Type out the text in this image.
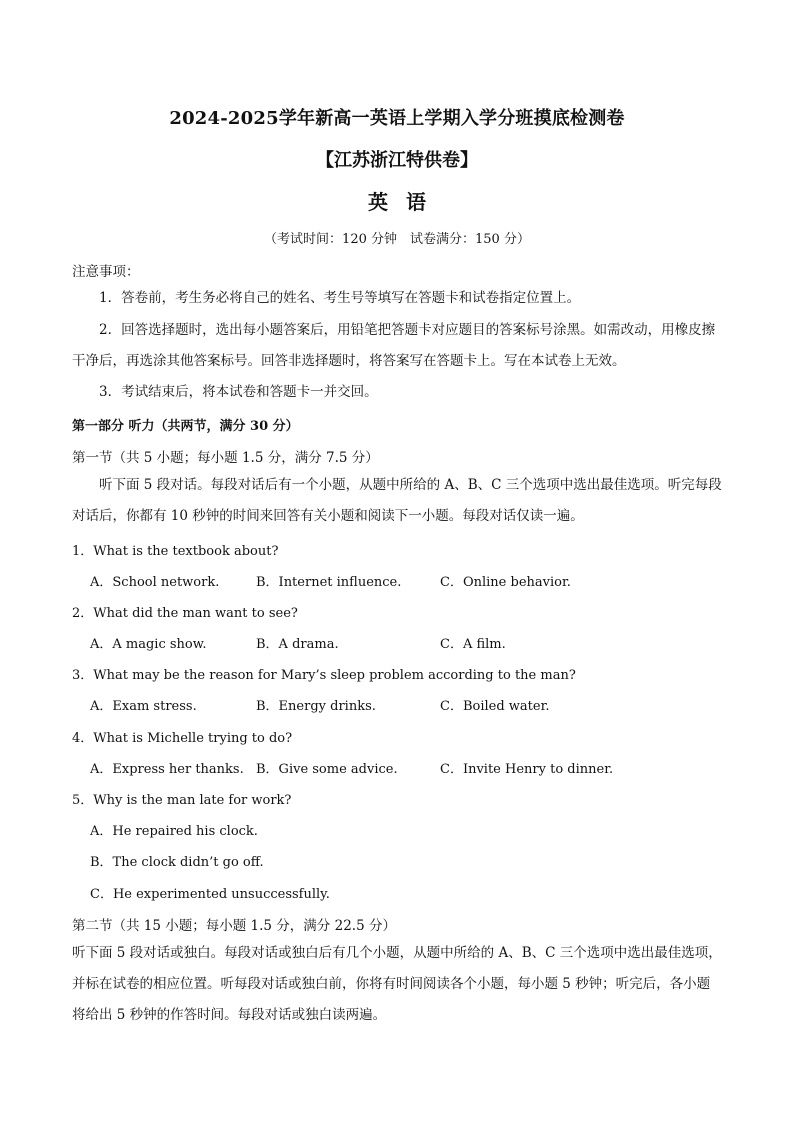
2024-2025学年新高一英语上学期入学分班摸底检测卷
【江苏浙江特供卷】
英语
（考试时间：120 分钟　试卷满分：150 分）
注意事项：
1．答卷前，考生务必将自己的姓名、考生号等填写在答题卡和试卷指定位置上。
2．回答选择题时，选出每小题答案后，用铅笔把答题卡对应题目的答案标号涂黑。如需改动，用橡皮擦干净后，再选涂其他答案标号。回答非选择题时，将答案写在答题卡上。写在本试卷上无效。
3．考试结束后，将本试卷和答题卡一并交回。
第一部分 听力（共两节，满分 30 分）
第一节（共 5 小题；每小题 1.5 分，满分 7.5 分）
听下面 5 段对话。每段对话后有一个小题，从题中所给的 A、B、C 三个选项中选出最佳选项。听完每段对话后，你都有 10 秒钟的时间来回答有关小题和阅读下一小题。每段对话仅读一遍。
1．What is the textbook about?
A．School network.	B．Internet influence.	C．Online behavior.
2．What did the man want to see?
A．A magic show.	B．A drama.	C．A film.
3．What may be the reason for Mary’s sleep problem according to the man?
A．Exam stress.	B．Energy drinks.	C．Boiled water.
4．What is Michelle trying to do?
A．Express her thanks. B．Give some advice.	C．Invite Henry to dinner.
5．Why is the man late for work?
A．He repaired his clock.
B．The clock didn’t go off.
C．He experimented unsuccessfully.
第二节（共 15 小题；每小题 1.5 分，满分 22.5 分）
听下面 5 段对话或独白。每段对话或独白后有几个小题，从题中所给的 A、B、C 三个选项中选出最佳选项，并标在试卷的相应位置。听每段对话或独白前，你将有时间阅读各个小题，每小题 5 秒钟；听完后，各小题将给出 5 秒钟的作答时间。每段对话或独白读两遍。
